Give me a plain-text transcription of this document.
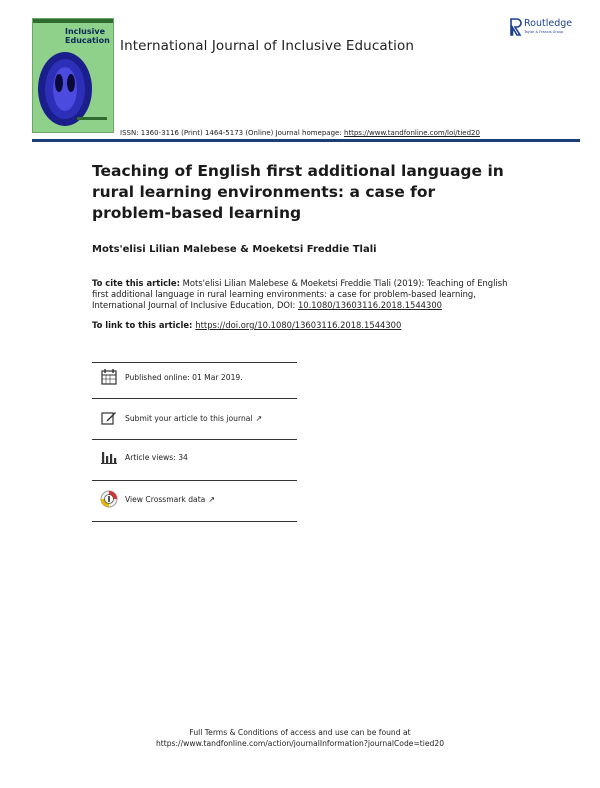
Inclusive
Education International Journal of Inclusive Education
Routledge
Taylor & Francis Group
ISSN: 1360-3116 (Print) 1464-5173 (Online) Journal homepage: https://www.tandfonline.com/loi/tied20
Teaching of English first additional language in rural learning environments: a case for problem-based learning
Mots'elisi Lilian Malebese & Moeketsi Freddie Tlali
To cite this article: Mots'elisi Lilian Malebese & Moeketsi Freddie Tlali (2019): Teaching of English first additional language in rural learning environments: a case for problem-based learning, International Journal of Inclusive Education, DOI: 10.1080/13603116.2018.1544300
To link to this article: https://doi.org/10.1080/13603116.2018.1544300
Published online: 01 Mar 2019.
Submit your article to this journal ↗
Article views: 34
View Crossmark data ↗
Full Terms & Conditions of access and use can be found at
https://www.tandfonline.com/action/journalInformation?journalCode=tied20
